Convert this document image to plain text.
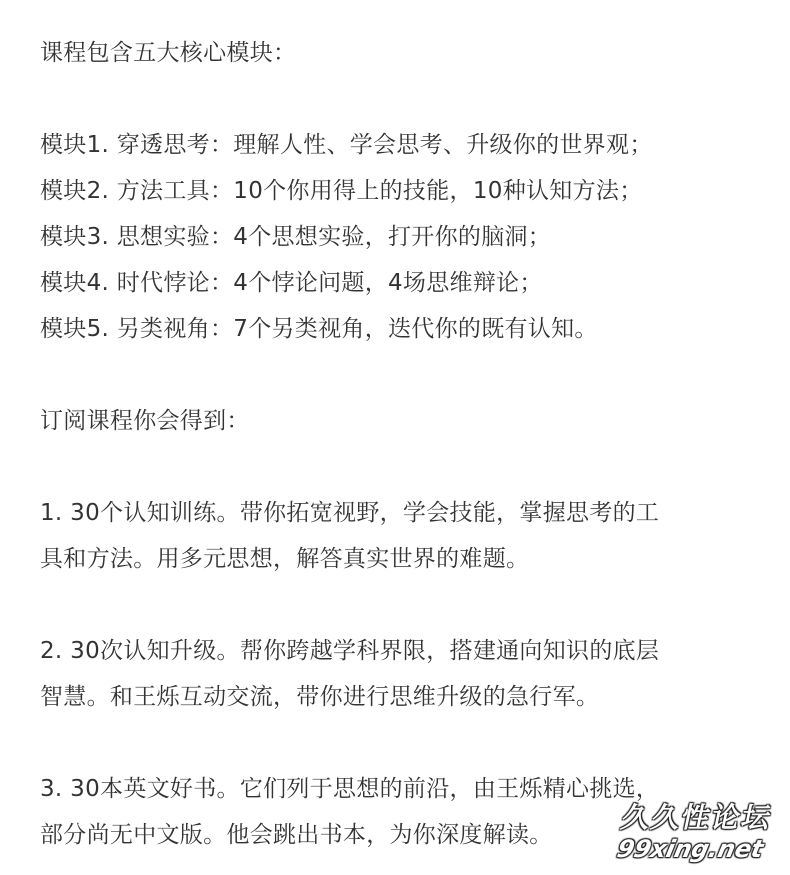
课程包含五大核心模块：
模块1. 穿透思考：理解人性、学会思考、升级你的世界观；
模块2. 方法工具：10个你用得上的技能，10种认知方法；
模块3. 思想实验：4个思想实验，打开你的脑洞；
模块4. 时代悖论：4个悖论问题，4场思维辩论；
模块5. 另类视角：7个另类视角，迭代你的既有认知。
订阅课程你会得到：
1. 30个认知训练。带你拓宽视野，学会技能，掌握思考的工
具和方法。用多元思想，解答真实世界的难题。
2. 30次认知升级。帮你跨越学科界限，搭建通向知识的底层
智慧。和王烁互动交流，带你进行思维升级的急行军。
3. 30本英文好书。它们列于思想的前沿，由王烁精心挑选，
部分尚无中文版。他会跳出书本，为你深度解读。
久久性论坛
99xing.net
